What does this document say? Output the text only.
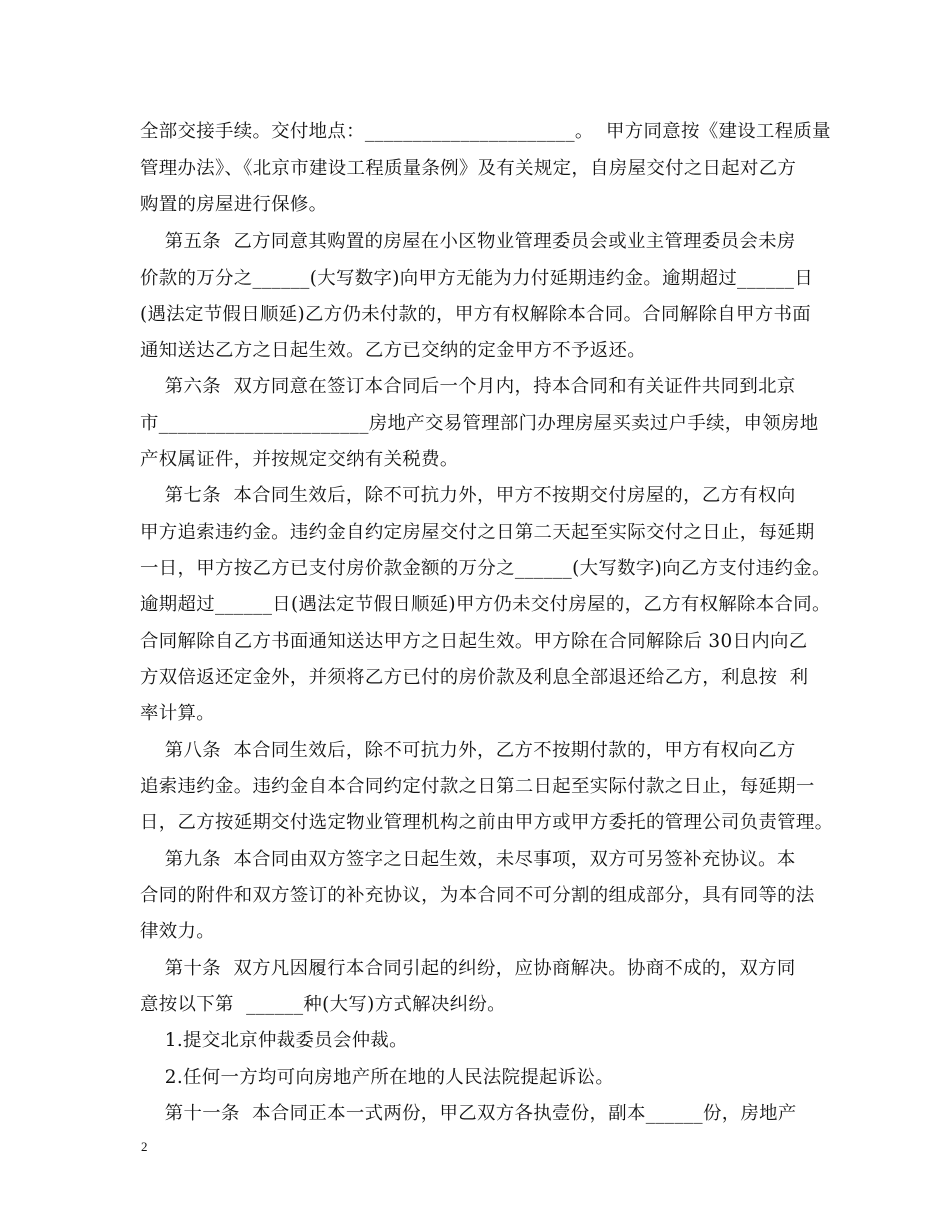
全部交接手续。交付地点：______________________。  甲方同意按《建设工程质量
管理办法》、《北京市建设工程质量条例》及有关规定，自房屋交付之日起对乙方
购置的房屋进行保修。
第五条  乙方同意其购置的房屋在小区物业管理委员会或业主管理委员会未房
价款的万分之______(大写数字)向甲方无能为力付延期违约金。逾期超过______日
(遇法定节假日顺延)乙方仍未付款的，甲方有权解除本合同。合同解除自甲方书面
通知送达乙方之日起生效。乙方已交纳的定金甲方不予返还。
第六条  双方同意在签订本合同后一个月内，持本合同和有关证件共同到北京
市______________________房地产交易管理部门办理房屋买卖过户手续，申领房地
产权属证件，并按规定交纳有关税费。
第七条  本合同生效后，除不可抗力外，甲方不按期交付房屋的，乙方有权向
甲方追索违约金。违约金自约定房屋交付之日第二天起至实际交付之日止，每延期
一日，甲方按乙方已支付房价款金额的万分之______(大写数字)向乙方支付违约金。
逾期超过______日(遇法定节假日顺延)甲方仍未交付房屋的，乙方有权解除本合同。
合同解除自乙方书面通知送达甲方之日起生效。甲方除在合同解除后 30日内向乙
方双倍返还定金外，并须将乙方已付的房价款及利息全部退还给乙方，利息按  利
率计算。
第八条  本合同生效后，除不可抗力外，乙方不按期付款的，甲方有权向乙方
追索违约金。违约金自本合同约定付款之日第二日起至实际付款之日止，每延期一
日，乙方按延期交付选定物业管理机构之前由甲方或甲方委托的管理公司负责管理。
第九条  本合同由双方签字之日起生效，未尽事项，双方可另签补充协议。本
合同的附件和双方签订的补充协议，为本合同不可分割的组成部分，具有同等的法
律效力。
第十条  双方凡因履行本合同引起的纠纷，应协商解决。协商不成的，双方同
意按以下第  ______种(大写)方式解决纠纷。
1.提交北京仲裁委员会仲裁。
2.任何一方均可向房地产所在地的人民法院提起诉讼。
第十一条  本合同正本一式两份，甲乙双方各执壹份，副本______份，房地产
2
